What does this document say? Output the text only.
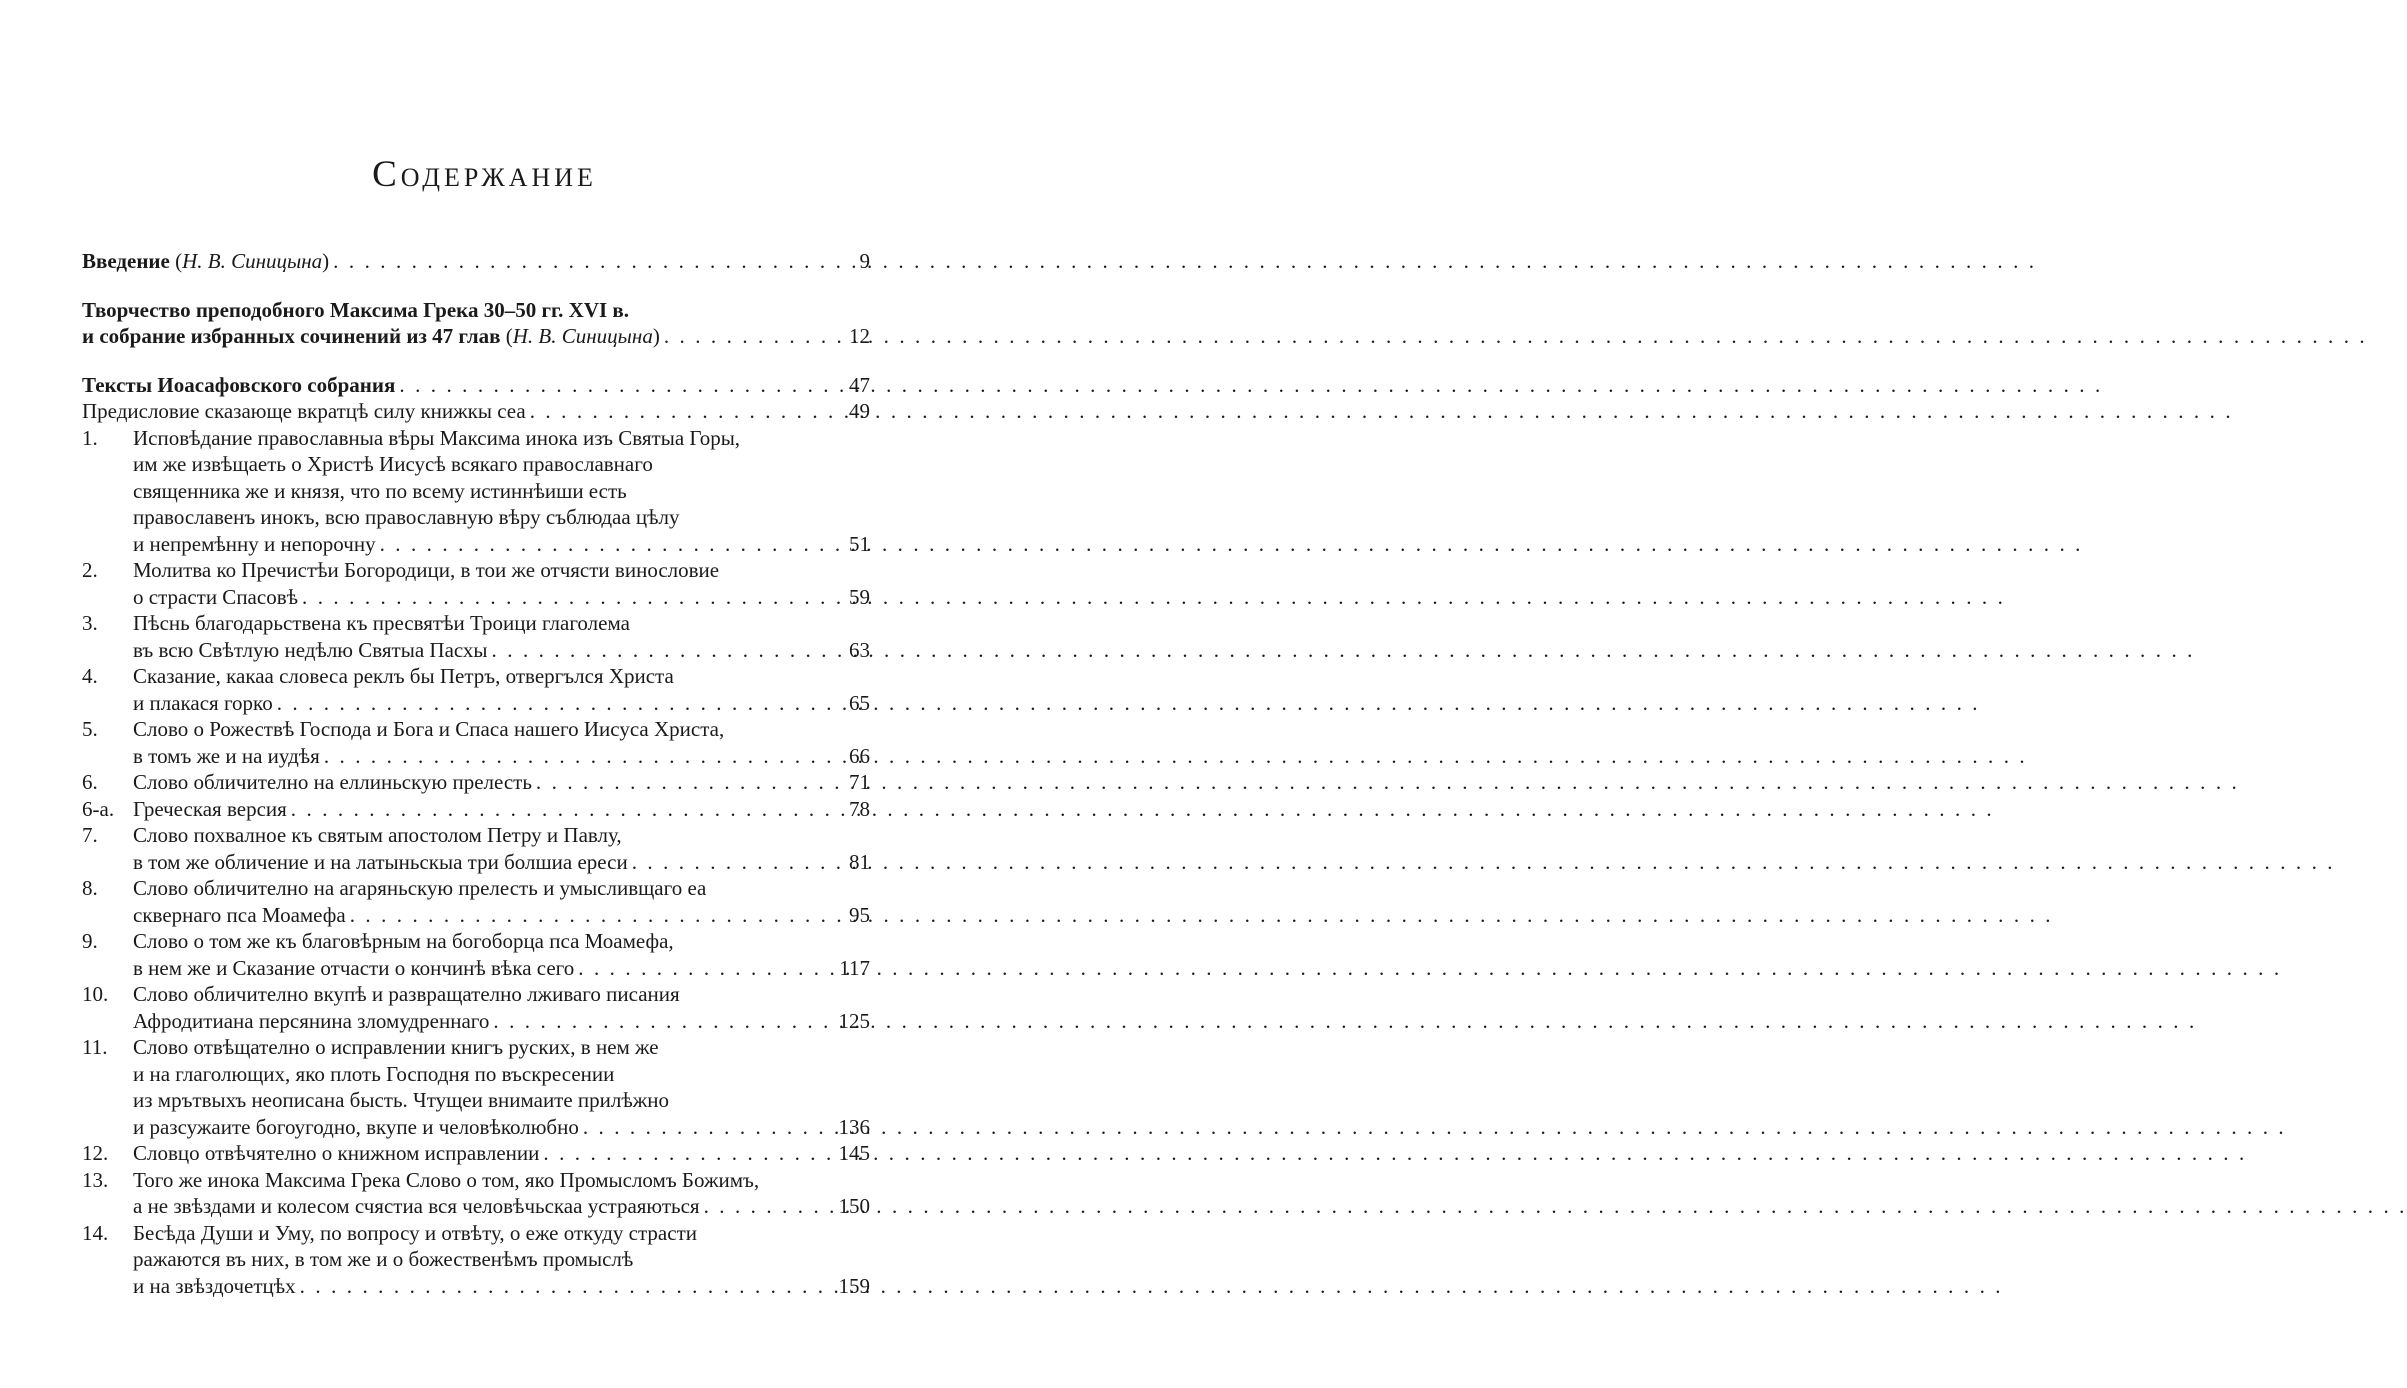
Содержание
Введение (Н. В. Синицына) . . .	9
Творчество преподобного Максима Грека 30–50 гг. XVI в.
и собрание избранных сочинений из 47 глав (Н. В. Синицына) . . .	12
Тексты Иоасафовского собрания . . .	47
Предисловие сказающе вкратцѣ силу книжкы сеа . . .	49
1.	Исповѣдание православныа вѣры Максима инока изъ Святыа Горы,
им же извѣщаеть о Христѣ Иисусѣ всякаго православнаго
священника же и князя, что по всему истиннѣиши есть
православенъ инокъ, всю православную вѣру съблюдаа цѣлу
и непремѣнну и непорочну . . .	51
2.	Молитва ко Пречистѣи Богородици, в тои же отчясти винословие
о страсти Спасовѣ . . .	59
3.	Пѣснь благодарьствена къ пресвятѣи Троици глаголема
въ всю Свѣтлую недѣлю Святыа Пасхы . . .	63
4.	Сказание, какаа словеса реклъ бы Петръ, отвергълся Христа
и плакася горко . . .	65
5.	Слово о Рожествѣ Господа и Бога и Спаса нашего Иисуса Христа,
в томъ же и на иудѣя . . .	66
6.	Слово обличително на еллиньскую прелесть . . .	71
6-а. Греческая версия . . .	78
7.	Слово похвалное къ святым апостолом Петру и Павлу,
в том же обличение и на латыньскыа три болшиа ереси . . .	81
8.	Слово обличително на агаряньскую прелесть и умысливщаго еа
сквернаго пса Моамефа . . .	95
9.	Слово о том же къ благовѣрным на богоборца пса Моамефа,
в нем же и Сказание отчасти о кончинѣ вѣка сего . . .	117
10.	Слово обличително вкупѣ и развращателно лживаго писания
Афродитиана персянина зломудреннаго . . .	125
11.	Слово отвѣщателно о исправлении книгъ руских, в нем же
и на глаголющих, яко плоть Господня по въскресении
из мрътвыхъ неописана бысть. Чтущеи внимаите прилѣжно
и разсужаите богоугодно, вкупе и человѣколюбно . . .	136
12.	Словцо отвѣчятелно о книжном исправлении . . .	145
13.	Того же инока Максима Грека Слово о том, яко Промысломъ Божимъ,
а не звѣздами и колесом счястиа вся человѣчьскаа устраяються . . .	150
14.	Бесѣда Души и Уму, по вопросу и отвѣту, о еже откуду страсти
ражаются въ них, в том же и о божественѣмъ промыслѣ
и на звѣздочетцѣх . . .	159
